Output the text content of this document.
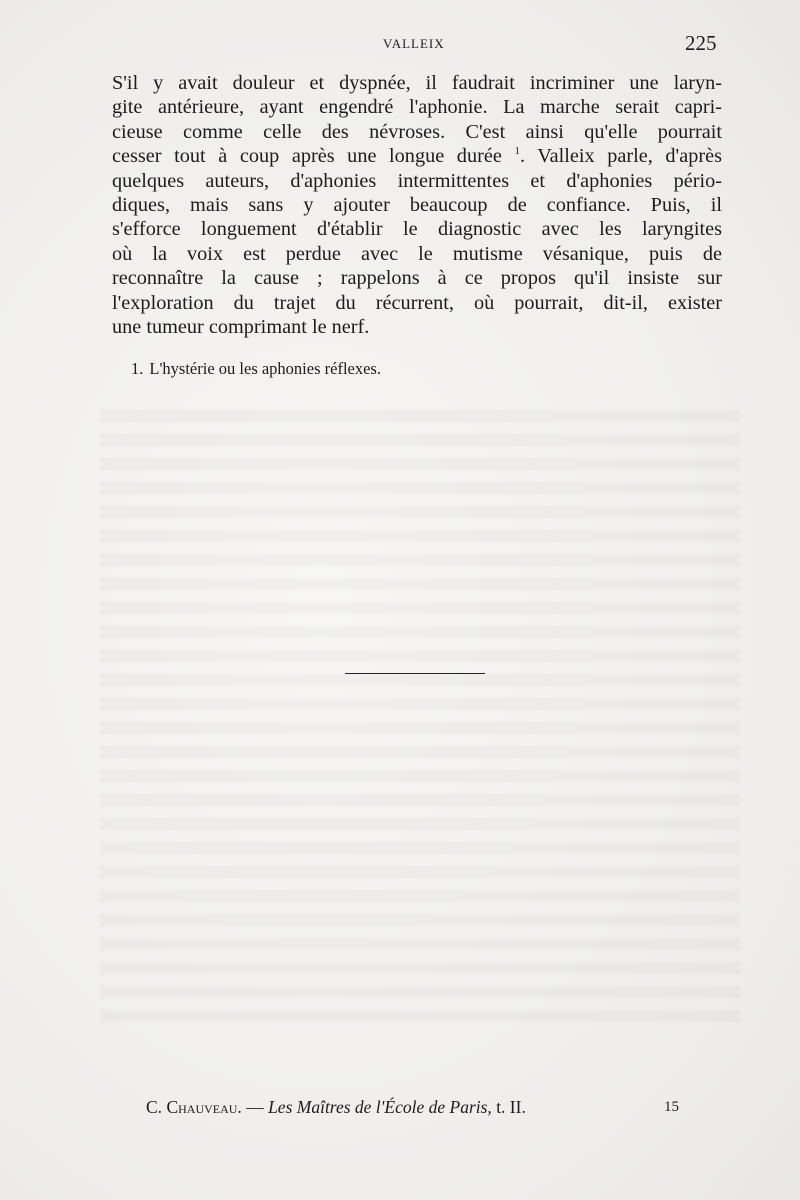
VALLEIX	225
S'il y avait douleur et dyspnée, il faudrait incriminer une laryn-
gite antérieure, ayant engendré l'aphonie. La marche serait capri-
cieuse comme celle des névroses. C'est ainsi qu'elle pourrait
cesser tout à coup après une longue durée $^1$. Valleix parle, d'après
quelques auteurs, d'aphonies intermittentes et d'aphonies pério-
diques, mais sans y ajouter beaucoup de confiance. Puis, il
s'efforce longuement d'établir le diagnostic avec les laryngites
où la voix est perdue avec le mutisme vésanique, puis de
reconnaître la cause ; rappelons à ce propos qu'il insiste sur
l'exploration du trajet du récurrent, où pourrait, dit-il, exister
une tumeur comprimant le nerf.
1. L'hystérie ou les aphonies réflexes.
C. Chauveau. — Les Maîtres de l'École de Paris, t. II.	15
